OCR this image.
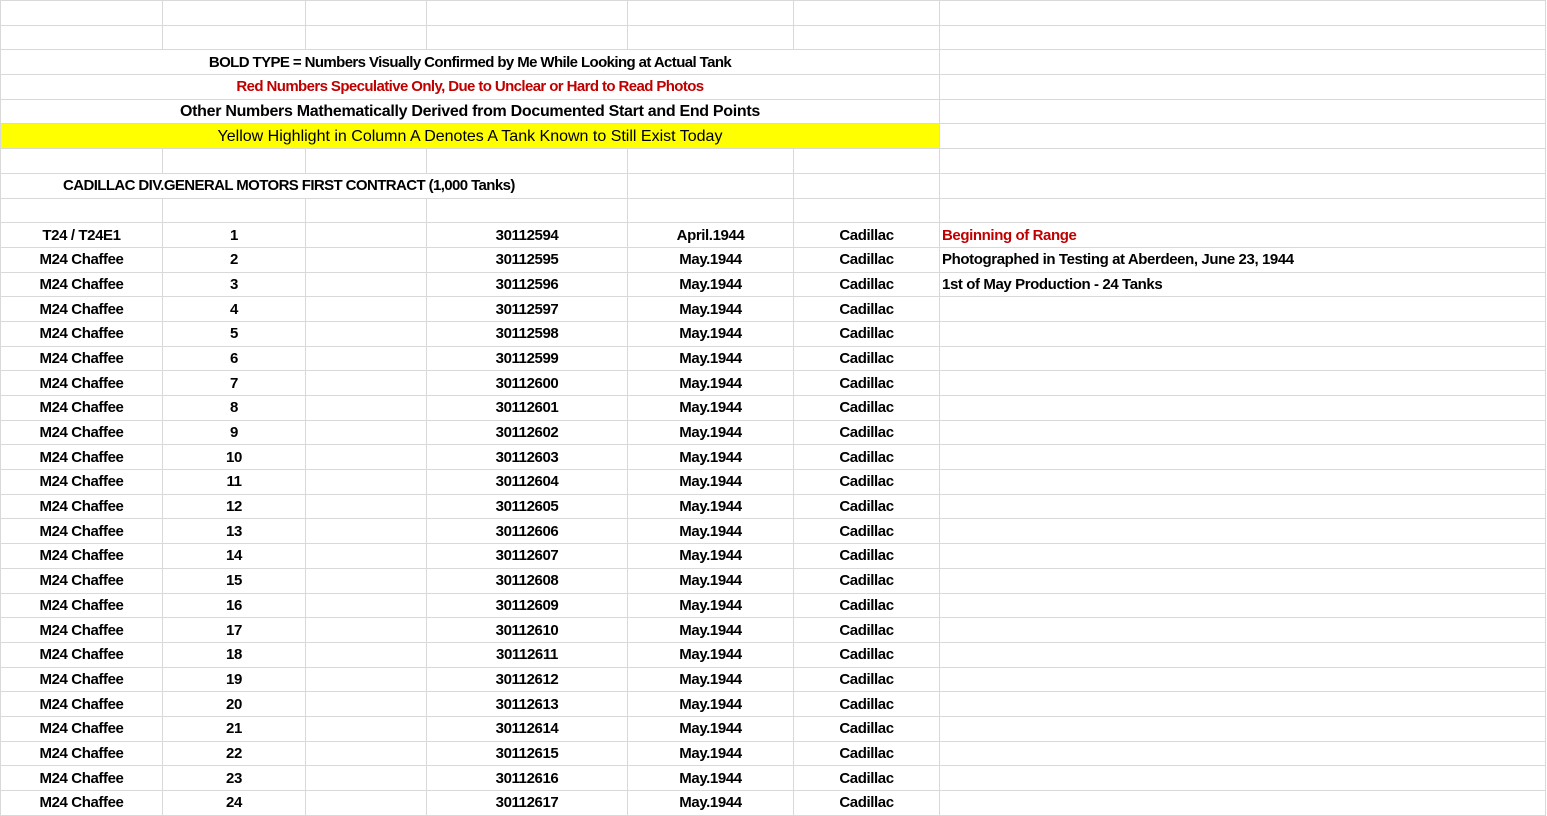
BOLD TYPE = Numbers Visually Confirmed by Me While Looking at Actual Tank						
Red Numbers Speculative Only, Due to Unclear or Hard to Read Photos						
Other Numbers Mathematically Derived from Documented Start and End Points						
Yellow Highlight in Column A Denotes A Tank Known to Still Exist Today						

CADILLAC DIV.GENERAL MOTORS FIRST CONTRACT (1,000 Tanks)						

T24 / T24E1	1		30112594	April.1944	Cadillac	Beginning of Range
M24 Chaffee	2		30112595	May.1944	Cadillac	Photographed in Testing at Aberdeen, June 23, 1944
M24 Chaffee	3		30112596	May.1944	Cadillac	1st of May Production - 24 Tanks
M24 Chaffee	4		30112597	May.1944	Cadillac	
M24 Chaffee	5		30112598	May.1944	Cadillac	
M24 Chaffee	6		30112599	May.1944	Cadillac	
M24 Chaffee	7		30112600	May.1944	Cadillac	
M24 Chaffee	8		30112601	May.1944	Cadillac	
M24 Chaffee	9		30112602	May.1944	Cadillac	
M24 Chaffee	10		30112603	May.1944	Cadillac	
M24 Chaffee	11		30112604	May.1944	Cadillac	
M24 Chaffee	12		30112605	May.1944	Cadillac	
M24 Chaffee	13		30112606	May.1944	Cadillac	
M24 Chaffee	14		30112607	May.1944	Cadillac	
M24 Chaffee	15		30112608	May.1944	Cadillac	
M24 Chaffee	16		30112609	May.1944	Cadillac	
M24 Chaffee	17		30112610	May.1944	Cadillac	
M24 Chaffee	18		30112611	May.1944	Cadillac	
M24 Chaffee	19		30112612	May.1944	Cadillac	
M24 Chaffee	20		30112613	May.1944	Cadillac	
M24 Chaffee	21		30112614	May.1944	Cadillac	
M24 Chaffee	22		30112615	May.1944	Cadillac	
M24 Chaffee	23		30112616	May.1944	Cadillac	
M24 Chaffee	24		30112617	May.1944	Cadillac	
